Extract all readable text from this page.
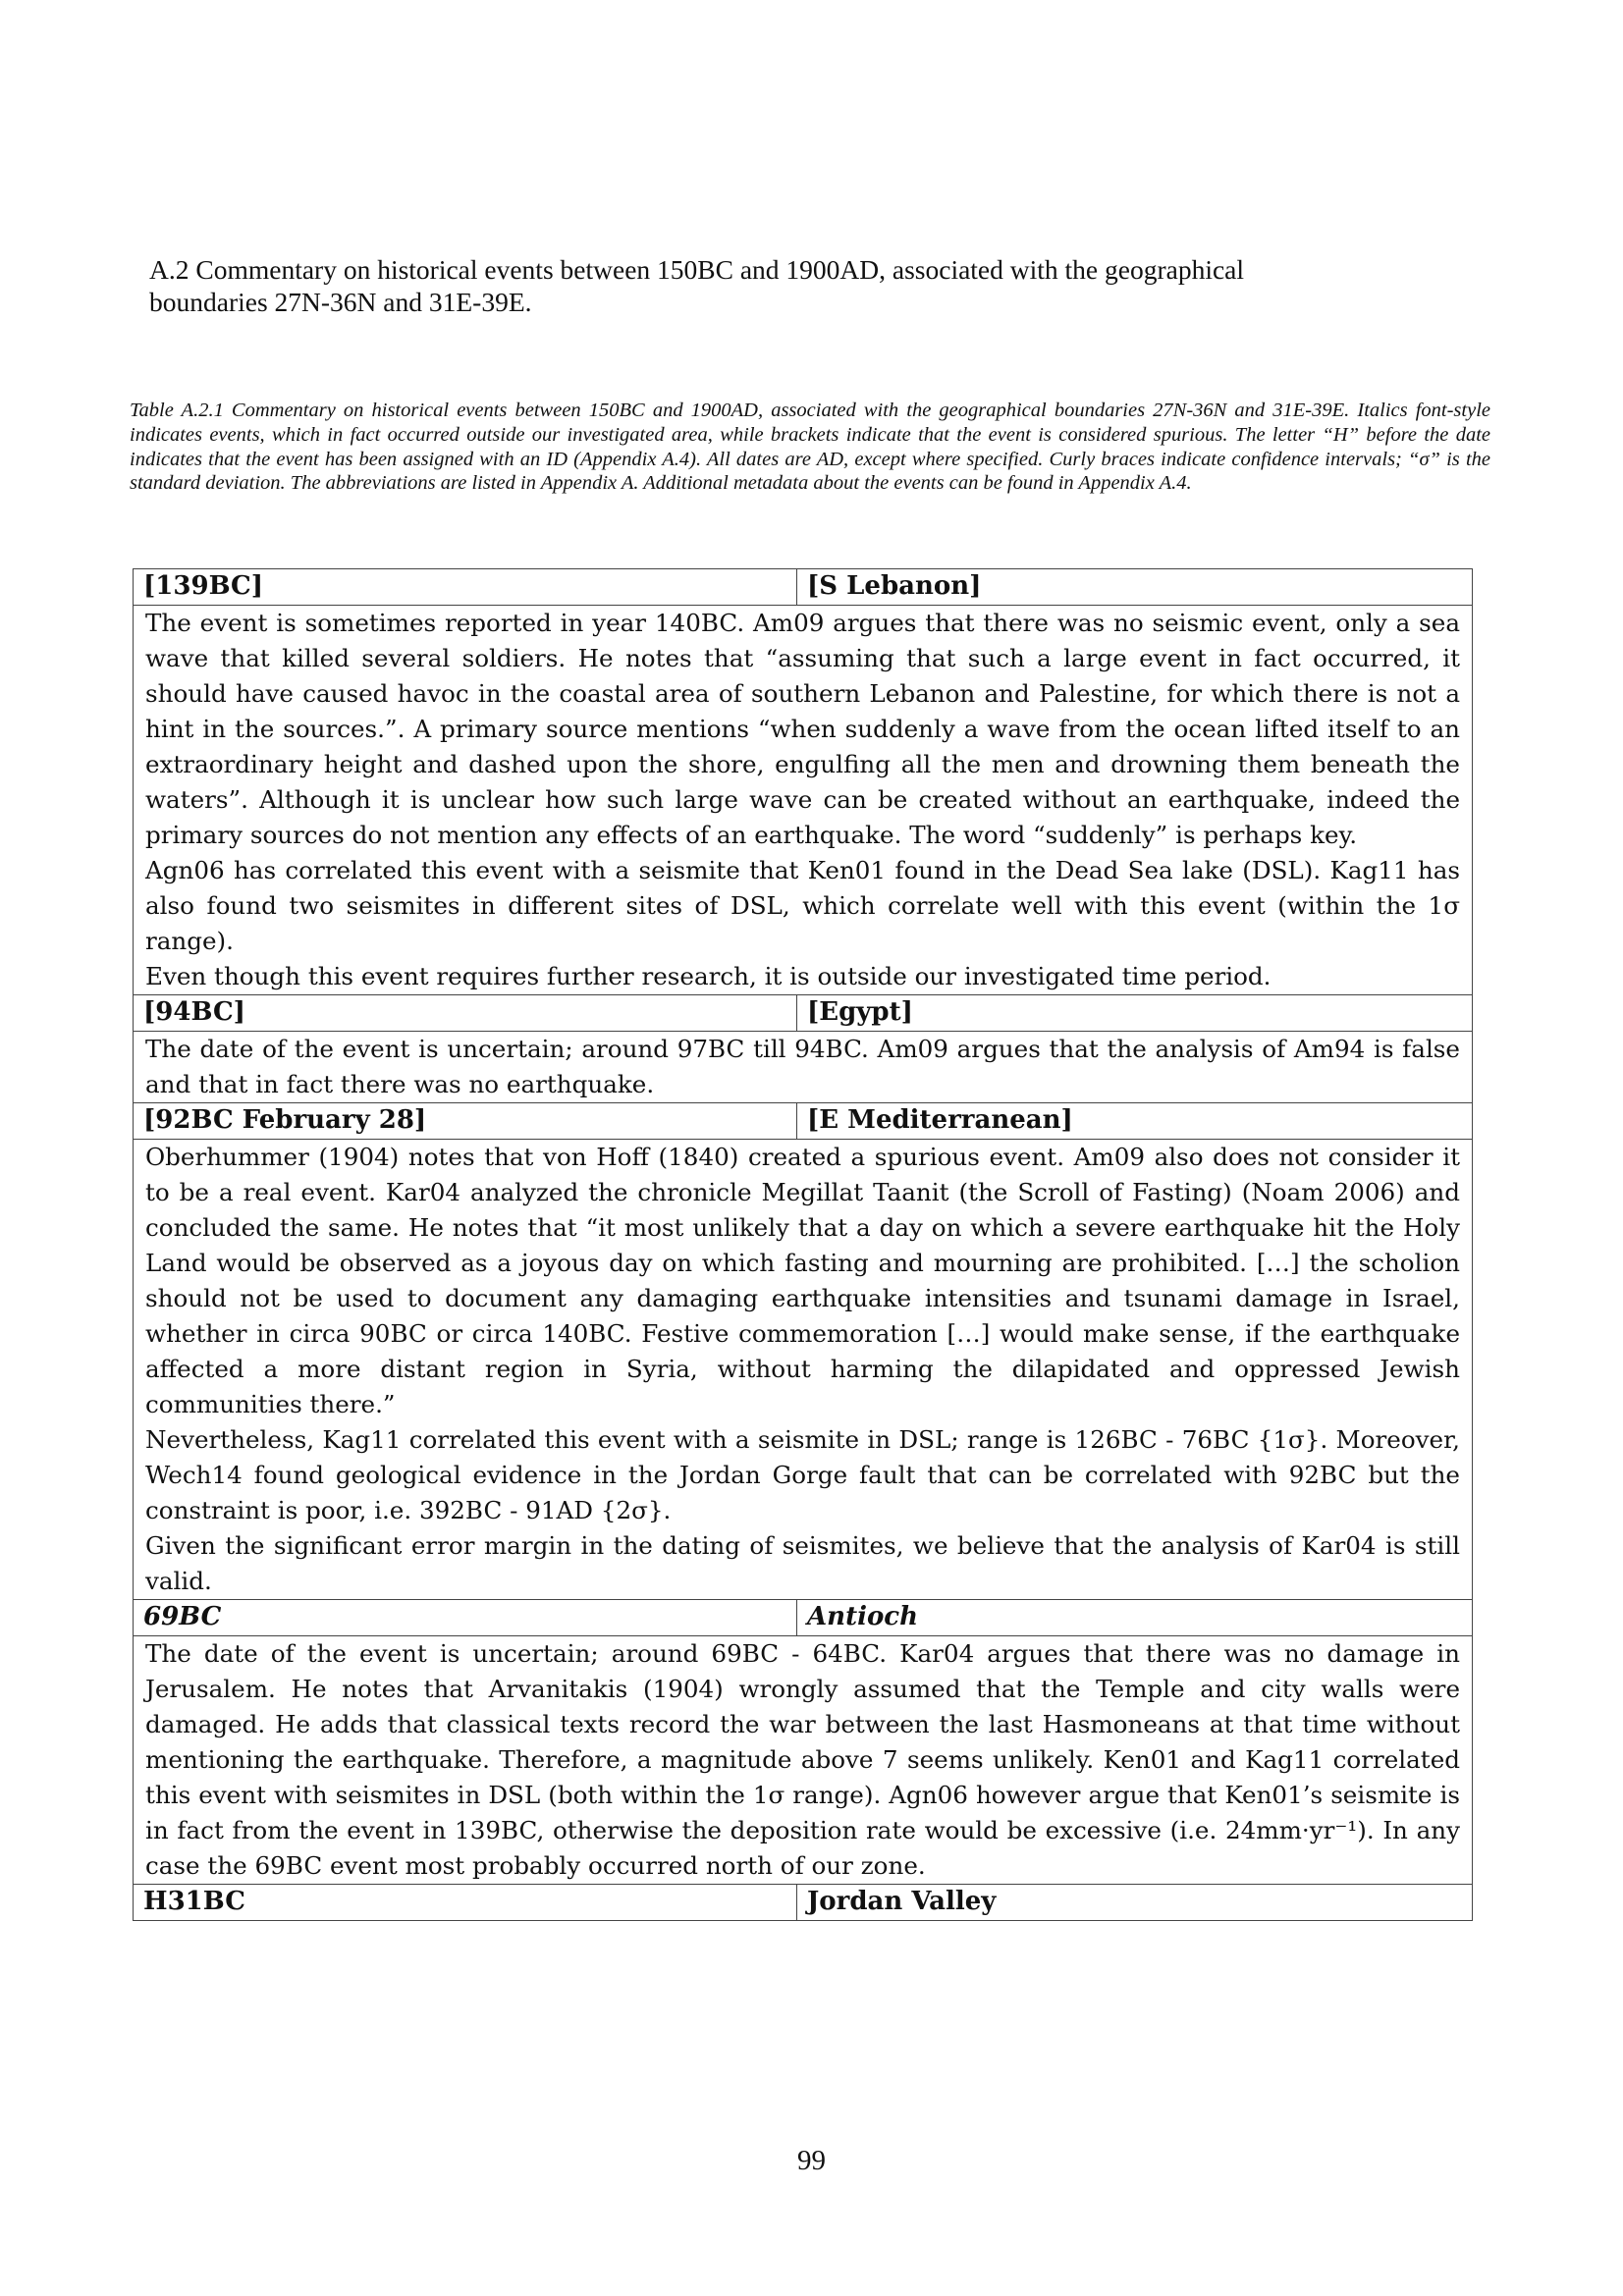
A.2 Commentary on historical events between 150BC and 1900AD, associated with the geographical
boundaries 27N-36N and 31E-39E.
Table A.2.1 Commentary on historical events between 150BC and 1900AD, associated with the geographical boundaries 27N-36N and 31E-39E. Italics font-style indicates events, which in fact occurred outside our investigated area, while brackets indicate that the event is considered spurious. The letter “H” before the date indicates that the event has been assigned with an ID (Appendix A.4). All dates are AD, except where specified. Curly braces indicate confidence intervals; “σ” is the standard deviation. The abbreviations are listed in Appendix A. Additional metadata about the events can be found in Appendix A.4.
[139BC]	[S Lebanon]

The event is sometimes reported in year 140BC. Am09 argues that there was no seismic event, only a sea wave that killed several soldiers. He notes that “assuming that such a large event in fact occurred, it should have caused havoc in the coastal area of southern Lebanon and Palestine, for which there is not a hint in the sources.”. A primary source mentions “when suddenly a wave from the ocean lifted itself to an extraordinary height and dashed upon the shore, engulfing all the men and drowning them beneath the waters”. Although it is unclear how such large wave can be created without an earthquake, indeed the primary sources do not mention any effects of an earthquake. The word “suddenly” is perhaps key.

Agn06 has correlated this event with a seismite that Ken01 found in the Dead Sea lake (DSL). Kag11 has also found two seismites in different sites of DSL, which correlate well with this event (within the 1σ range).

Even though this event requires further research, it is outside our investigated time period.	

[94BC]	[Egypt]

The date of the event is uncertain; around 97BC till 94BC. Am09 argues that the analysis of Am94 is false and that in fact there was no earthquake.	

[92BC February 28]	[E Mediterranean]

Oberhummer (1904) notes that von Hoff (1840) created a spurious event. Am09 also does not consider it to be a real event. Kar04 analyzed the chronicle Megillat Taanit (the Scroll of Fasting) (Noam 2006) and concluded the same. He notes that “it most unlikely that a day on which a severe earthquake hit the Holy Land would be observed as a joyous day on which fasting and mourning are prohibited. […] the scholion should not be used to document any damaging earthquake intensities and tsunami damage in Israel, whether in circa 90BC or circa 140BC. Festive commemoration […] would make sense, if the earthquake affected a more distant region in Syria, without harming the dilapidated and oppressed Jewish communities there.”

Nevertheless, Kag11 correlated this event with a seismite in DSL; range is 126BC - 76BC {1σ}. Moreover, Wech14 found geological evidence in the Jordan Gorge fault that can be correlated with 92BC but the constraint is poor, i.e. 392BC - 91AD {2σ}.

Given the significant error margin in the dating of seismites, we believe that the analysis of Kar04 is still valid.	

69BC	Antioch

The date of the event is uncertain; around 69BC - 64BC. Kar04 argues that there was no damage in Jerusalem. He notes that Arvanitakis (1904) wrongly assumed that the Temple and city walls were damaged. He adds that classical texts record the war between the last Hasmoneans at that time without mentioning the earthquake. Therefore, a magnitude above 7 seems unlikely. Ken01 and Kag11 correlated this event with seismites in DSL (both within the 1σ range). Agn06 however argue that Ken01’s seismite is in fact from the event in 139BC, otherwise the deposition rate would be excessive (i.e. 24mm·yr⁻¹). In any case the 69BC event most probably occurred north of our zone.	

H31BC	Jordan Valley
99
